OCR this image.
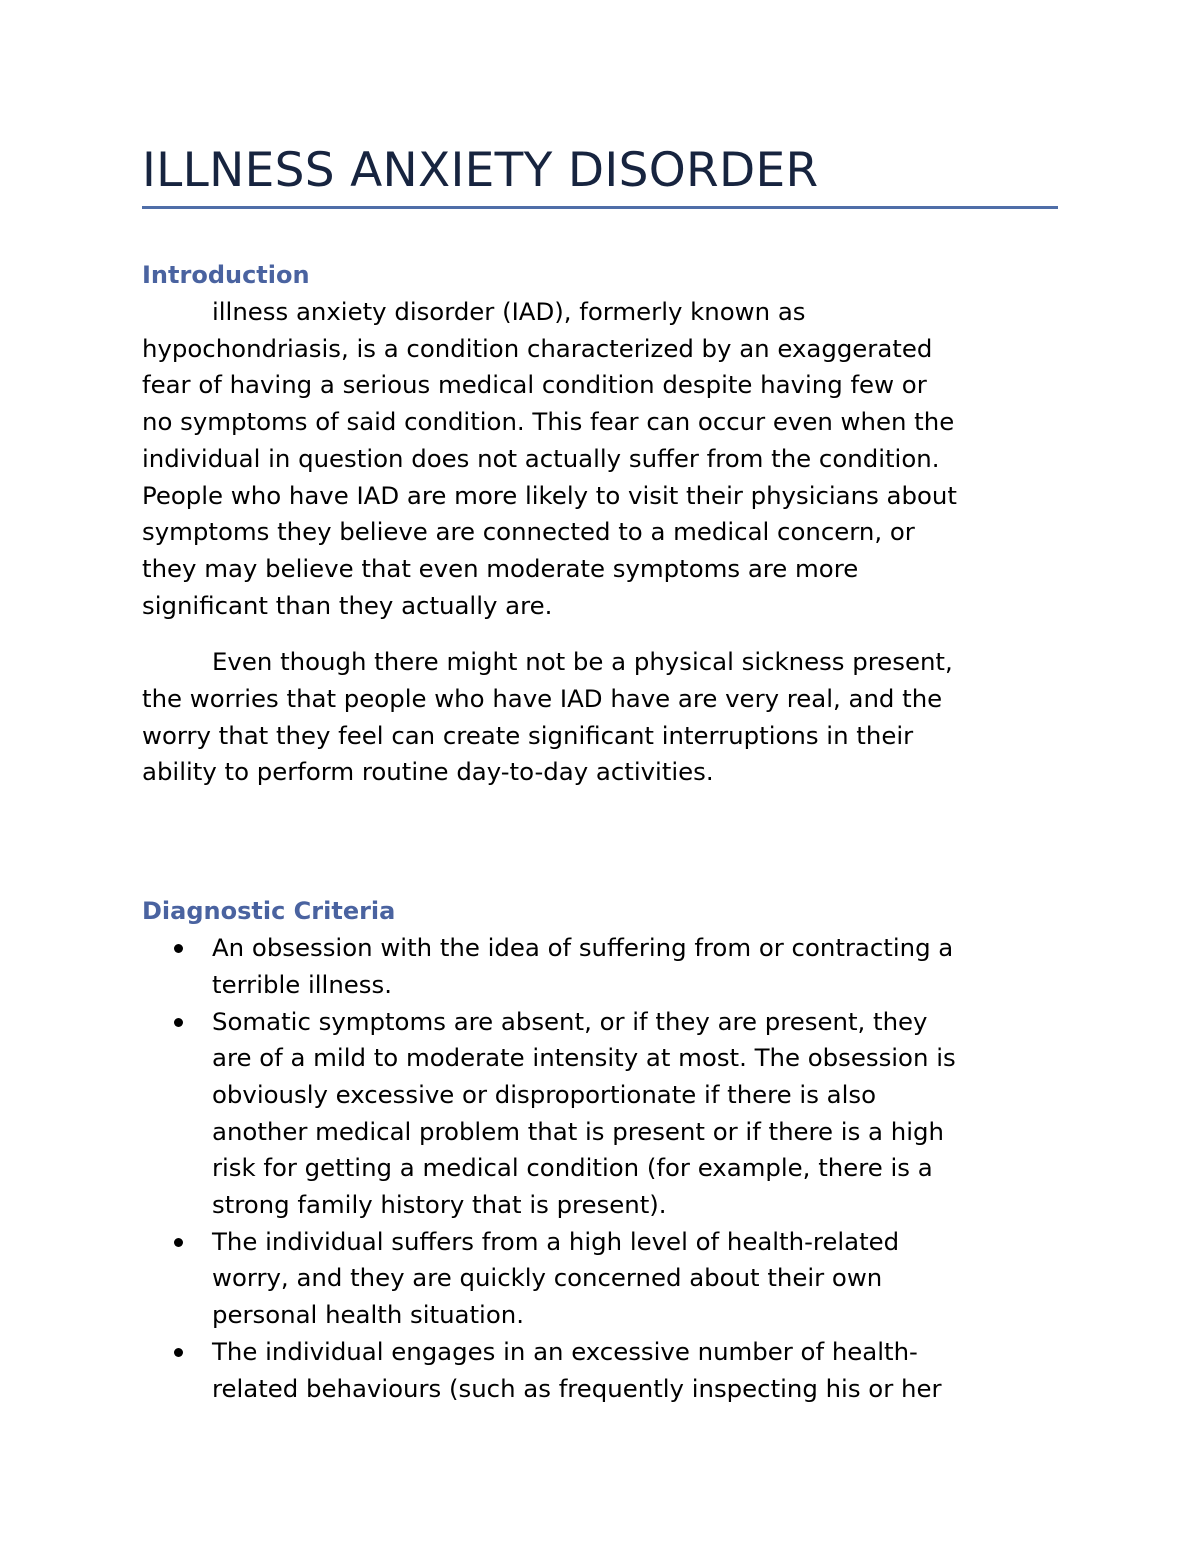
ILLNESS ANXIETY DISORDER
Introduction

illness anxiety disorder (IAD), formerly known as
hypochondriasis, is a condition characterized by an exaggerated
fear of having a serious medical condition despite having few or
no symptoms of said condition. This fear can occur even when the
individual in question does not actually suffer from the condition.
People who have IAD are more likely to visit their physicians about
symptoms they believe are connected to a medical concern, or
they may believe that even moderate symptoms are more
significant than they actually are.

Even though there might not be a physical sickness present,
the worries that people who have IAD have are very real, and the
worry that they feel can create significant interruptions in their
ability to perform routine day-to-day activities.

Diagnostic Criteria
An obsession with the idea of suffering from or contracting a
terrible illness.
Somatic symptoms are absent, or if they are present, they
are of a mild to moderate intensity at most. The obsession is
obviously excessive or disproportionate if there is also
another medical problem that is present or if there is a high
risk for getting a medical condition (for example, there is a
strong family history that is present).
The individual suffers from a high level of health-related
worry, and they are quickly concerned about their own
personal health situation.
The individual engages in an excessive number of health-
related behaviours (such as frequently inspecting his or her
